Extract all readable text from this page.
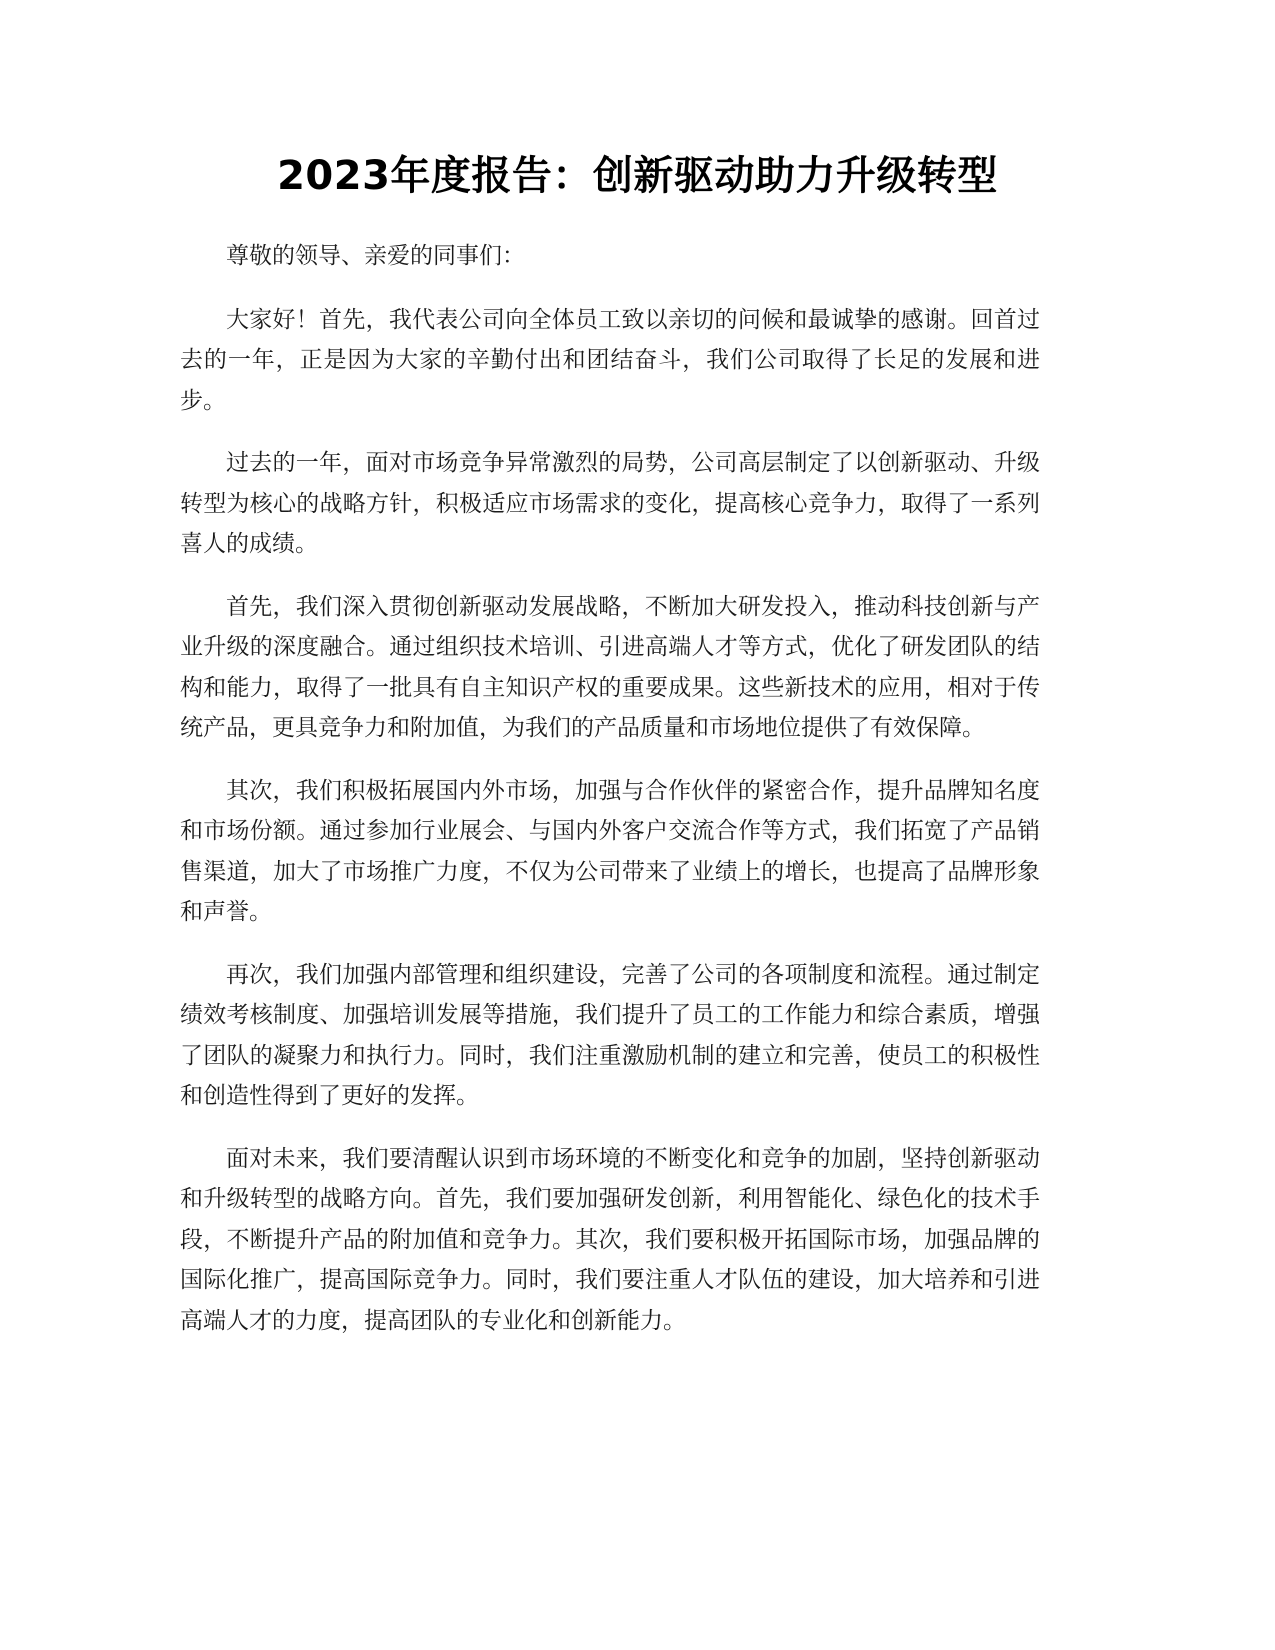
2023年度报告：创新驱动助力升级转型

尊敬的领导、亲爱的同事们：

大家好！首先，我代表公司向全体员工致以亲切的问候和最诚挚的感谢。回首过去的一年，正是因为大家的辛勤付出和团结奋斗，我们公司取得了长足的发展和进步。

过去的一年，面对市场竞争异常激烈的局势，公司高层制定了以创新驱动、升级转型为核心的战略方针，积极适应市场需求的变化，提高核心竞争力，取得了一系列喜人的成绩。

首先，我们深入贯彻创新驱动发展战略，不断加大研发投入，推动科技创新与产业升级的深度融合。通过组织技术培训、引进高端人才等方式，优化了研发团队的结构和能力，取得了一批具有自主知识产权的重要成果。这些新技术的应用，相对于传统产品，更具竞争力和附加值，为我们的产品质量和市场地位提供了有效保障。

其次，我们积极拓展国内外市场，加强与合作伙伴的紧密合作，提升品牌知名度和市场份额。通过参加行业展会、与国内外客户交流合作等方式，我们拓宽了产品销售渠道，加大了市场推广力度，不仅为公司带来了业绩上的增长，也提高了品牌形象和声誉。

再次，我们加强内部管理和组织建设，完善了公司的各项制度和流程。通过制定绩效考核制度、加强培训发展等措施，我们提升了员工的工作能力和综合素质，增强了团队的凝聚力和执行力。同时，我们注重激励机制的建立和完善，使员工的积极性和创造性得到了更好的发挥。

面对未来，我们要清醒认识到市场环境的不断变化和竞争的加剧，坚持创新驱动和升级转型的战略方向。首先，我们要加强研发创新，利用智能化、绿色化的技术手段，不断提升产品的附加值和竞争力。其次，我们要积极开拓国际市场，加强品牌的国际化推广，提高国际竞争力。同时，我们要注重人才队伍的建设，加大培养和引进高端人才的力度，提高团队的专业化和创新能力。
